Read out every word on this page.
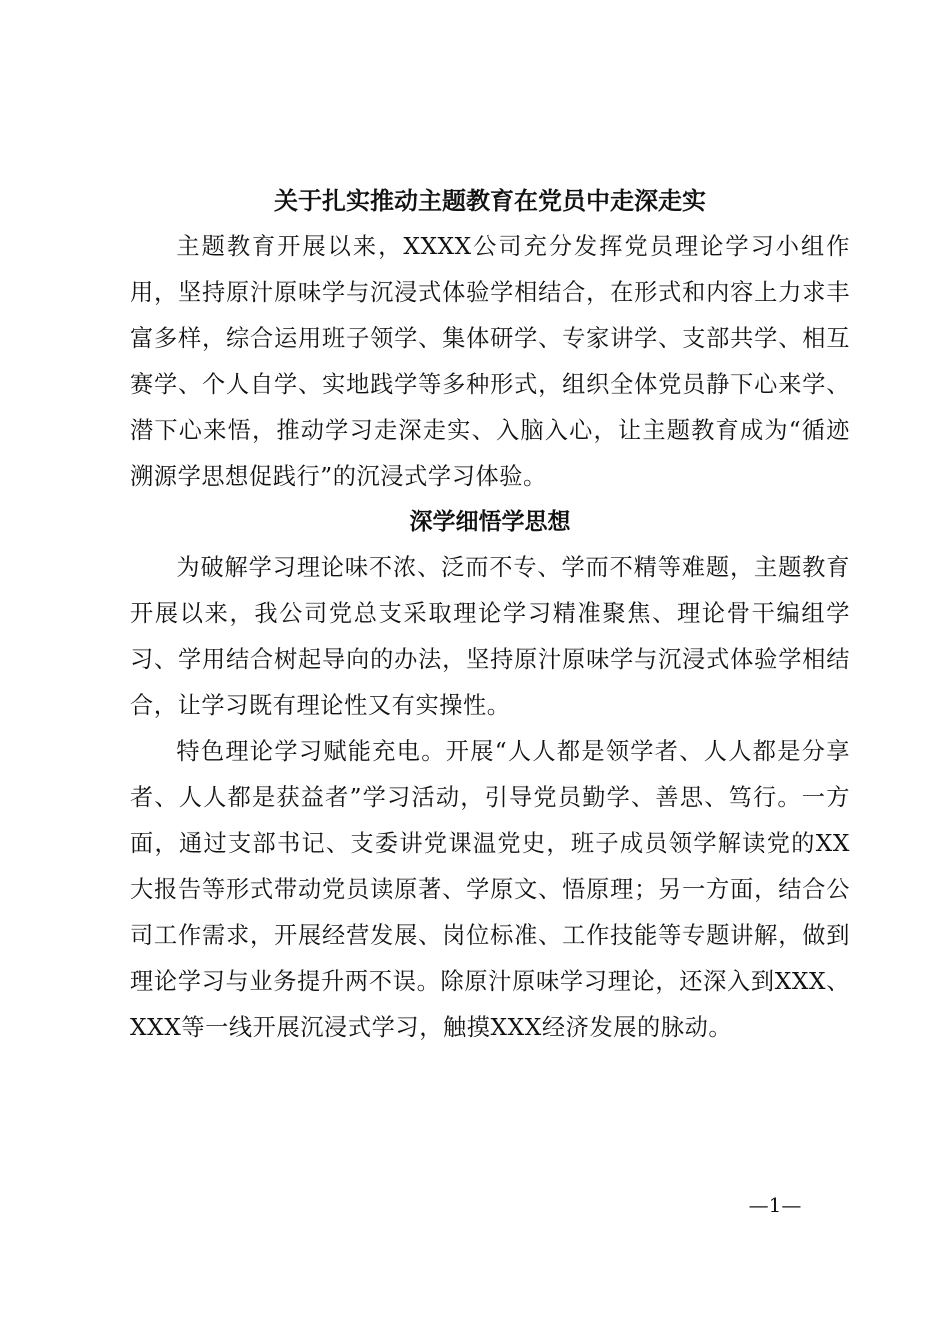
关于扎实推动主题教育在党员中走深走实

主题教育开展以来，XXXX公司充分发挥党员理论学习小组作用，坚持原汁原味学与沉浸式体验学相结合，在形式和内容上力求丰富多样，综合运用班子领学、集体研学、专家讲学、支部共学、相互赛学、个人自学、实地践学等多种形式，组织全体党员静下心来学、潜下心来悟，推动学习走深走实、入脑入心，让主题教育成为“循迹溯源学思想促践行”的沉浸式学习体验。

深学细悟学思想

为破解学习理论味不浓、泛而不专、学而不精等难题，主题教育开展以来，我公司党总支采取理论学习精准聚焦、理论骨干编组学习、学用结合树起导向的办法，坚持原汁原味学与沉浸式体验学相结合，让学习既有理论性又有实操性。

特色理论学习赋能充电。开展“人人都是领学者、人人都是分享者、人人都是获益者”学习活动，引导党员勤学、善思、笃行。一方面，通过支部书记、支委讲党课温党史，班子成员领学解读党的XX大报告等形式带动党员读原著、学原文、悟原理；另一方面，结合公司工作需求，开展经营发展、岗位标准、工作技能等专题讲解，做到理论学习与业务提升两不误。除原汁原味学习理论，还深入到XXX、XXX等一线开展沉浸式学习，触摸XXX经济发展的脉动。

—1—
